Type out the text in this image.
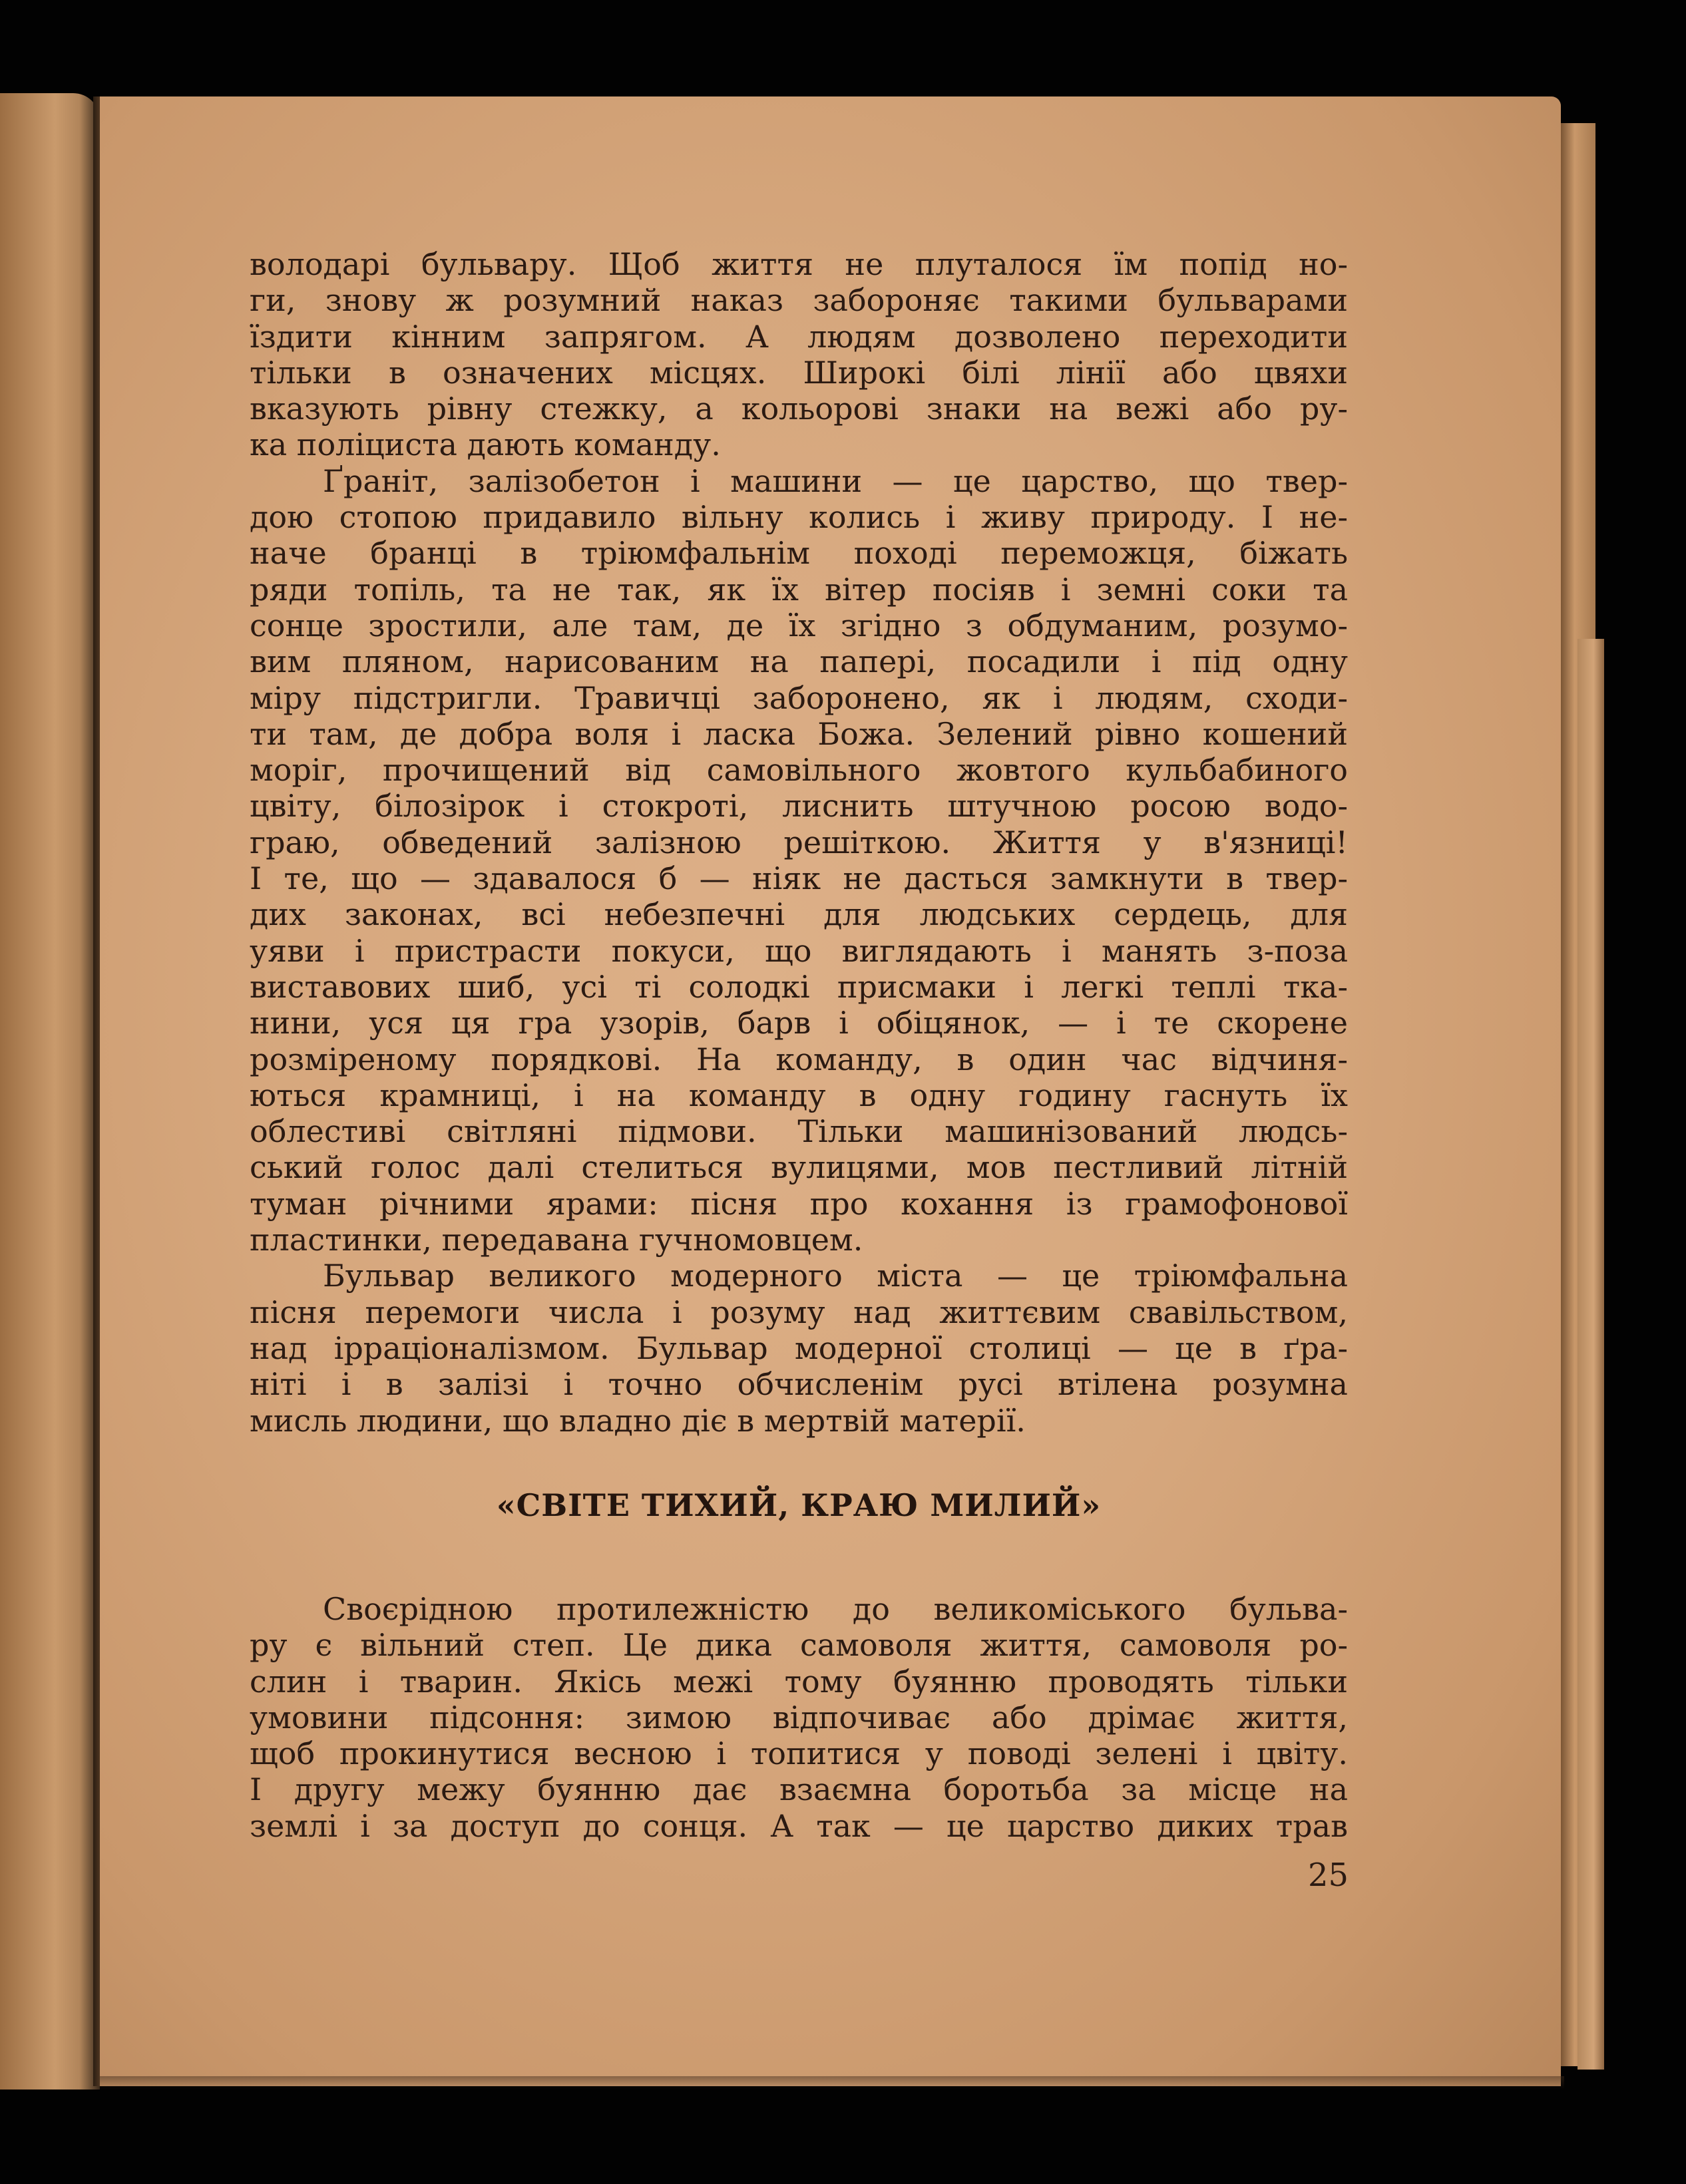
володарі бульвару. Щоб життя не плуталося їм попід но-
ги, знову ж розумний наказ забороняє такими бульварами
їздити кінним запрягом. А людям дозволено переходити
тільки в означених місцях. Широкі білі лінії або цвяхи
вказують рівну стежку, а кольорові знаки на вежі або ру-
ка поліциста дають команду.

Ґраніт, залізобетон і машини — це царство, що твер-
дою стопою придавило вільну колись і живу природу. І не-
наче бранці в тріюмфальнім поході переможця, біжать
ряди топіль, та не так, як їх вітер посіяв і земні соки та
сонце зростили, але там, де їх згідно з обдуманим, розумо-
вим пляном, нарисованим на папері, посадили і під одну
міру підстригли. Травичці заборонено, як і людям, сходи-
ти там, де добра воля і ласка Божа. Зелений рівно кошений
моріг, прочищений від самовільного жовтого кульбабиного
цвіту, білозірок і стокроті, лиснить штучною росою водо-
граю, обведений залізною решіткою. Життя у в'язниці!
І те, що — здавалося б — ніяк не дасться замкнути в твер-
дих законах, всі небезпечні для людських сердець, для
уяви і пристрасти покуси, що виглядають і манять з-поза
виставових шиб, усі ті солодкі присмаки і легкі теплі тка-
нини, уся ця гра узорів, барв і обіцянок, — і те скорене
розміреному порядкові. На команду, в один час відчиня-
ються крамниці, і на команду в одну годину гаснуть їх
облестиві світляні підмови. Тільки машинізований людсь-
ський голос далі стелиться вулицями, мов пестливий літній
туман річними ярами: пісня про кохання із грамофонової
пластинки, передавана гучномовцем.

Бульвар великого модерного міста — це тріюмфальна
пісня перемоги числа і розуму над життєвим свавільством,
над ірраціоналізмом. Бульвар модерної столиці — це в ґра-
ніті і в залізі і точно обчисленім русі втілена розумна
мисль людини, що владно діє в мертвій матерії.

«СВІТЕ ТИХИЙ, КРАЮ МИЛИЙ»

Своєрідною протилежністю до великоміського бульва-
ру є вільний степ. Це дика самоволя життя, самоволя ро-
слин і тварин. Якісь межі тому буянню проводять тільки
умовини підсоння: зимою відпочиває або дрімає життя,
щоб прокинутися весною і топитися у поводі зелені і цвіту.
І другу межу буянню дає взаємна боротьба за місце на
землі і за доступ до сонця. А так — це царство диких трав

25
